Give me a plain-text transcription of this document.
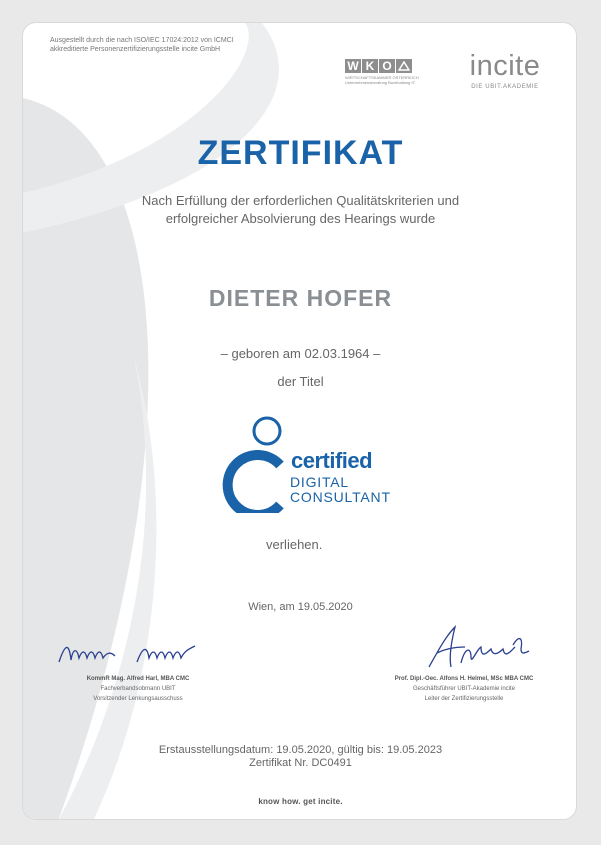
Ausgestellt durch die nach ISO/IEC 17024:2012 von ICMCI
akkreditierte Personenzertifizierungsstelle incite GmbH
W K O
WIRTSCHAFTSKAMMER ÖSTERREICH
Unternehmensberatung Buchhaltung IT
incite
DIE UBIT.AKADEMIE
ZERTIFIKAT
Nach Erfüllung der erforderlichen Qualitätskriterien und
erfolgreicher Absolvierung des Hearings wurde
DIETER HOFER
– geboren am 02.03.1964 –
der Titel
certified
DIGITAL
CONSULTANT
verliehen.
Wien, am 19.05.2020
KommR Mag. Alfred Harl, MBA CMC
Fachverbandsobmann UBIT
Vorsitzender Lenkungsausschuss
Prof. Dipl.-Oec. Alfons H. Helmel, MSc MBA CMC
Geschäftsführer UBIT-Akademie incite
Leiter der Zertifizierungsstelle
Erstausstellungsdatum: 19.05.2020, gültig bis: 19.05.2023
Zertifikat Nr. DC0491
know how. get incite.
